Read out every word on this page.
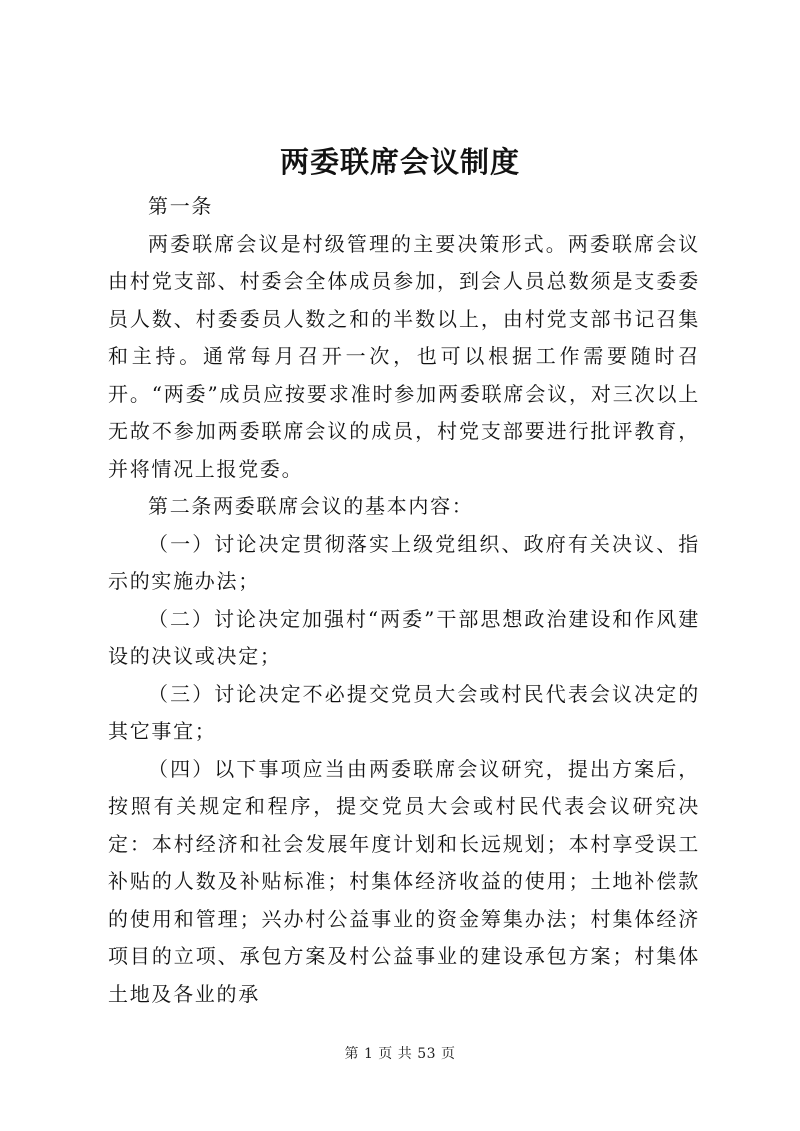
两委联席会议制度

第一条

两委联席会议是村级管理的主要决策形式。两委联席会议由村党支部、村委会全体成员参加，到会人员总数须是支委委员人数、村委委员人数之和的半数以上，由村党支部书记召集和主持。通常每月召开一次，也可以根据工作需要随时召开。“两委”成员应按要求准时参加两委联席会议，对三次以上无故不参加两委联席会议的成员，村党支部要进行批评教育，并将情况上报党委。

第二条两委联席会议的基本内容：

（一）讨论决定贯彻落实上级党组织、政府有关决议、指示的实施办法；

（二）讨论决定加强村“两委”干部思想政治建设和作风建设的决议或决定；

（三）讨论决定不必提交党员大会或村民代表会议决定的其它事宜；

（四）以下事项应当由两委联席会议研究，提出方案后，按照有关规定和程序，提交党员大会或村民代表会议研究决定：本村经济和社会发展年度计划和长远规划；本村享受误工补贴的人数及补贴标准；村集体经济收益的使用；土地补偿款的使用和管理；兴办村公益事业的资金筹集办法；村集体经济项目的立项、承包方案及村公益事业的建设承包方案；村集体土地及各业的承

第 1 页 共 53 页
